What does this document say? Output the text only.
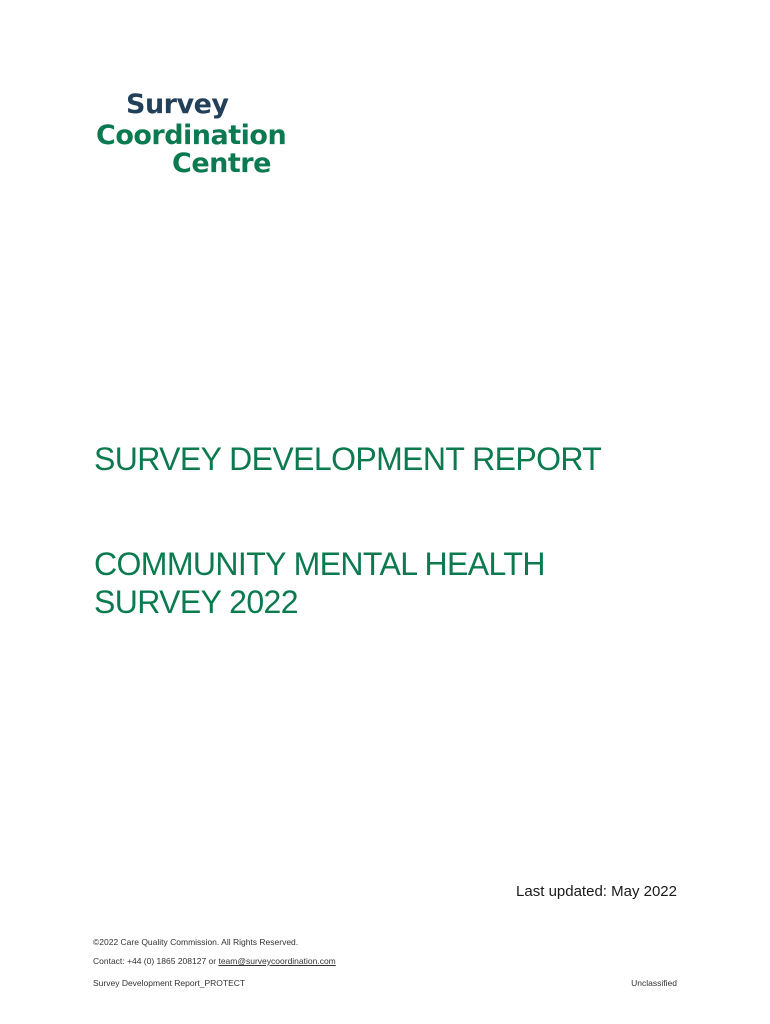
Survey
Coordination
Centre
SURVEY DEVELOPMENT REPORT
COMMUNITY MENTAL HEALTH
SURVEY 2022
Last updated: May 2022
©2022 Care Quality Commission. All Rights Reserved.
Contact: +44 (0) 1865 208127 or team@surveycoordination.com
Survey Development Report_PROTECT	Unclassified
